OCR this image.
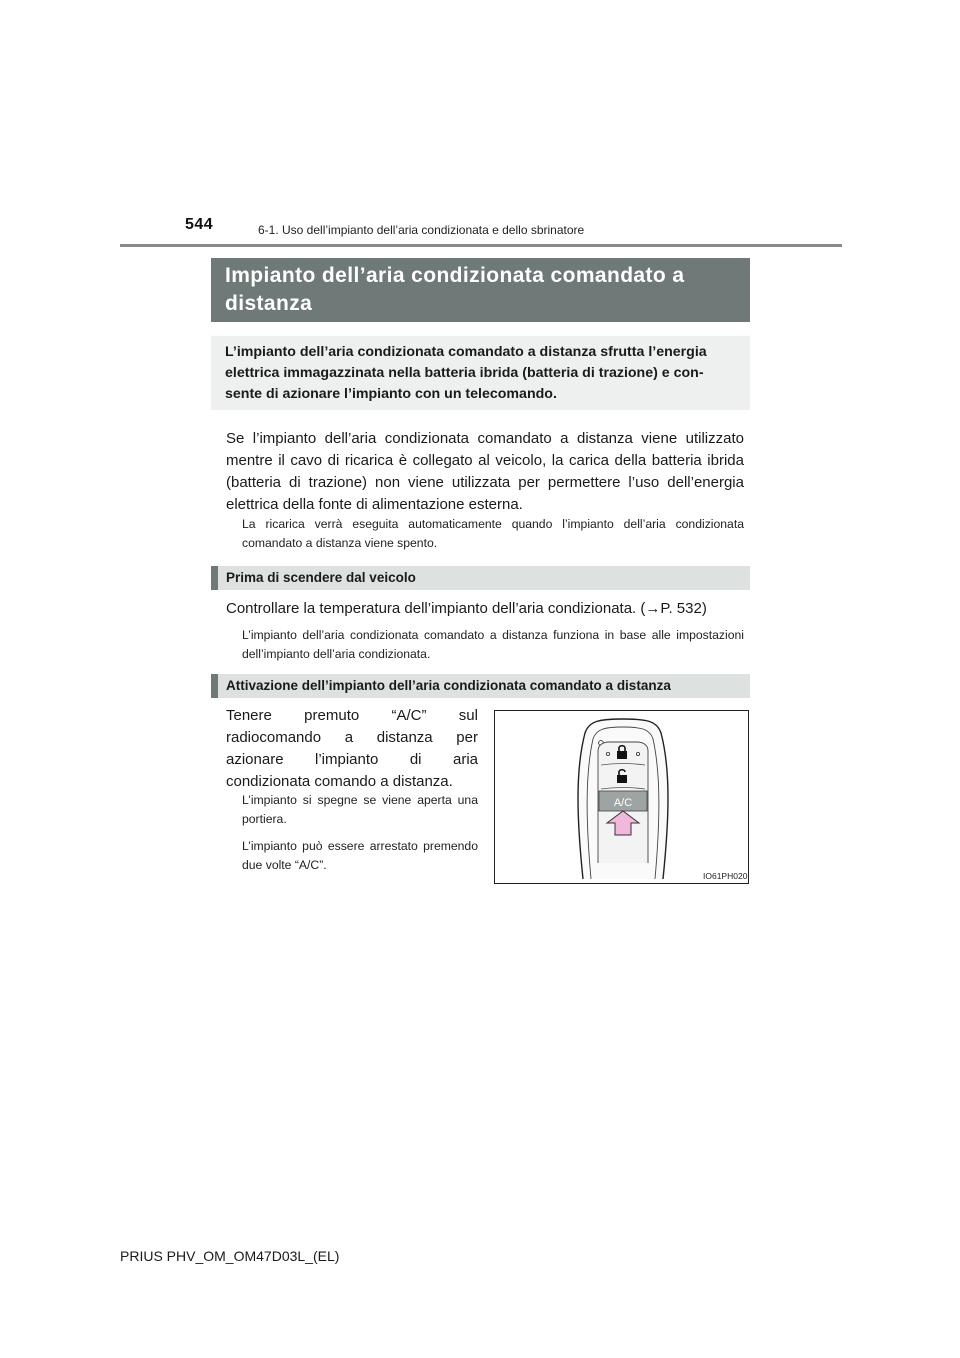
544	6-1. Uso dell’impianto dell’aria condizionata e dello sbrinatore
Impianto dell’aria condizionata comandato a
distanza
L’impianto dell’aria condizionata comandato a distanza sfrutta l’energia
elettrica immagazzinata nella batteria ibrida (batteria di trazione) e con-
sente di azionare l’impianto con un telecomando.
Se l’impianto dell’aria condizionata comandato a distanza viene utilizzato mentre il cavo di ricarica è collegato al veicolo, la carica della batteria ibrida (batteria di trazione) non viene utilizzata per permettere l’uso dell’energia elettrica della fonte di alimentazione esterna.
La ricarica verrà eseguita automaticamente quando l’impianto dell’aria condizionata comandato a distanza viene spento.
Prima di scendere dal veicolo
Controllare la temperatura dell’impianto dell’aria condizionata. (→P. 532)
L’impianto dell’aria condizionata comandato a distanza funziona in base alle impostazioni dell’impianto dell’aria condizionata.
Attivazione dell’impianto dell’aria condizionata comandato a distanza
Tenere premuto “A/C” sul radiocomando a distanza per azionare l’impianto di aria condizionata comando a distanza.
L’impianto si spegne se viene aperta una portiera.
L’impianto può essere arrestato premendo due volte “A/C”.
A/C
IO61PH020
PRIUS PHV_OM_OM47D03L_(EL)
